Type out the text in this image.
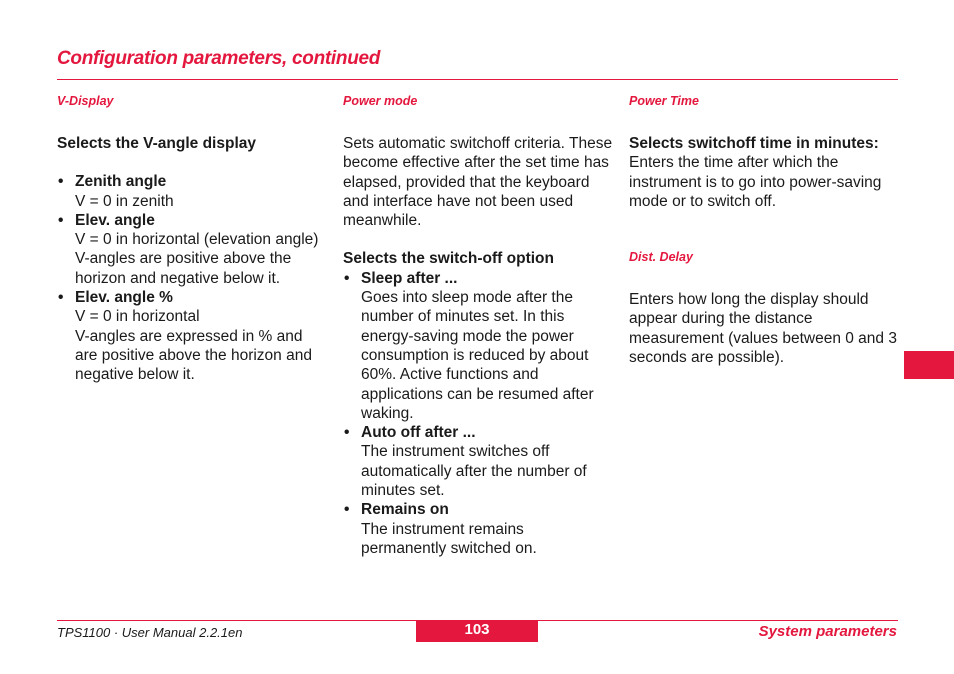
Configuration parameters, continued
V-Display

Selects the V-angle display

• Zenith angle
V = 0 in zenith
• Elev. angle
V = 0 in horizontal (elevation angle)
V-angles are positive above the horizon and negative below it.
• Elev. angle %
V = 0 in horizontal
V-angles are expressed in % and are positive above the horizon and negative below it.
Power mode

Sets automatic switchoff criteria. These become effective after the set time has elapsed, provided that the keyboard and interface have not been used meanwhile.

Selects the switch-off option

• Sleep after ...
Goes into sleep mode after the number of minutes set. In this energy-saving mode the power consumption is reduced by about 60%. Active functions and applications can be resumed after waking.
• Auto off after ...
The instrument switches off automatically after the number of minutes set.
• Remains on
The instrument remains permanently switched on.
Power Time

Selects switchoff time in minutes:

Enters the time after which the instrument is to go into power-saving mode or to switch off.

Dist. Delay

Enters how long the display should appear during the distance measurement (values between 0 and 3 seconds are possible).

TPS1100 · User Manual 2.2.1en	103	System parameters
